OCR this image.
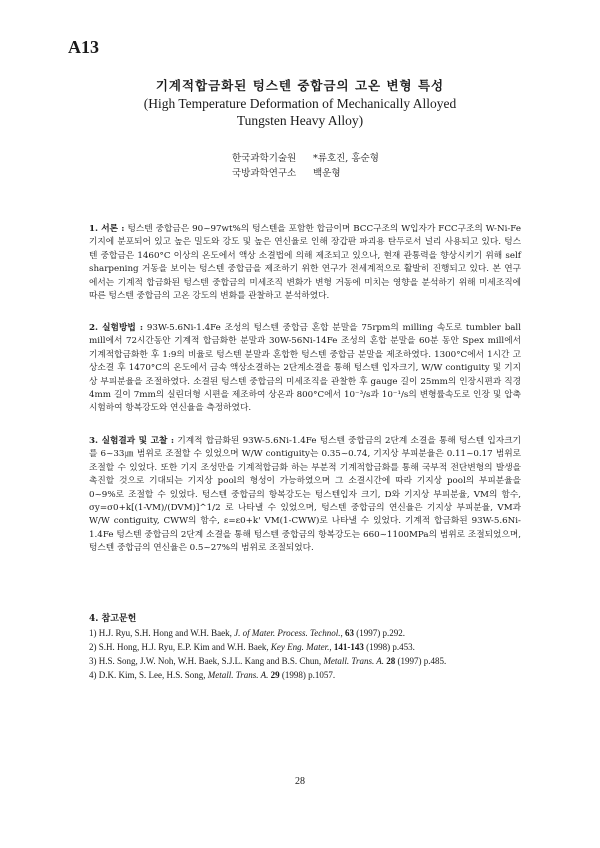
A13
기계적합금화된 텅스텐 중합금의 고온 변형 특성
(High Temperature Deformation of Mechanically Alloyed
Tungsten Heavy Alloy)
한국과학기술원 *류호진, 홍순형
국방과학연구소 백운형
1. 서론 : 텅스텐 중합금은 90~97wt%의 텅스텐을 포함한 합금이며 BCC구조의 W입자가 FCC구조의 W-Ni-Fe 기지에 분포되어 있고 높은 밀도와 강도 및 높은 연신율로 인해 장갑판 파괴용 탄두로서 널리 사용되고 있다. 텅스텐 중합금은 1460°C 이상의 온도에서 액상 소결법에 의해 제조되고 있으나, 현재 관통력을 향상시키기 위해 self sharpening 거동을 보이는 텅스텐 중합금을 제조하기 위한 연구가 전세계적으로 활발히 진행되고 있다. 본 연구에서는 기계적 합금화된 텅스텐 중합금의 미세조직 변화가 변형 거동에 미치는 영향을 분석하기 위해 미세조직에 따른 텅스텐 중합금의 고온 강도의 변화를 관찰하고 분석하였다.
2. 실험방법 : 93W-5.6Ni-1.4Fe 조성의 텅스텐 중합금 혼합 분말을 75rpm의 milling 속도로 tumbler ball mill에서 72시간동안 기계적 합금화한 분말과 30W-56Ni-14Fe 조성의 혼합 분말을 60분 동안 Spex mill에서 기계적합금화한 후 1:9의 비율로 텅스텐 분말과 혼합한 텅스텐 중합금 분말을 제조하였다. 1300°C에서 1시간 고상소결 후 1470°C의 온도에서 금속 액상소결하는 2단계소결을 통해 텅스텐 입자크기, W/W contiguity 및 기지상 부피분율을 조절하였다. 소결된 텅스텐 중합금의 미세조직을 관찰한 후 gauge 길이 25mm의 인장시편과 직경 4mm 길이 7mm의 실린더형 시편을 제조하여 상온과 800°C에서 10⁻³/s과 10⁻¹/s의 변형률속도로 인장 및 압축시험하여 항복강도와 연신율을 측정하였다.
3. 실험결과 및 고찰 : 기계적 합금화된 93W-5.6Ni-1.4Fe 텅스텐 중합금의 2단계 소결을 통해 텅스텐 입자크기를 6~33㎛ 범위로 조절할 수 있었으며 W/W contiguity는 0.35~0.74, 기지상 부피분율은 0.11~0.17 범위로 조절할 수 있었다. 또한 기지 조성만을 기계적합금화 하는 부분적 기계적합금화를 통해 국부적 전단변형의 발생을 촉진할 것으로 기대되는 기지상 pool의 형성이 가능하였으며 그 소결시간에 따라 기지상 pool의 부피분율을 0~9%로 조절할 수 있었다. 텅스텐 중합금의 항복강도는 텅스텐입자 크기, D와 기지상 부피분율, VM의 함수, σy=σ0+k[(1-VM)/(DVM)]^1/2 로 나타낼 수 있었으며, 텅스텐 중합금의 연신율은 기지상 부피분율, VM과 W/W contiguity, CWW의 함수, ε=ε0+k' VM(1-CWW)로 나타낼 수 있었다. 기계적 합금화된 93W-5.6Ni-1.4Fe 텅스텐 중합금의 2단계 소결을 통해 텅스텐 중합금의 항복강도는 660~1100MPa의 범위로 조절되었으며, 텅스텐 중합금의 연신율은 0.5~27%의 범위로 조절되었다.
4. 참고문헌
1) H.J. Ryu, S.H. Hong and W.H. Baek, J. of Mater. Process. Technol., 63 (1997) p.292.
2) S.H. Hong, H.J. Ryu, E.P. Kim and W.H. Baek, Key Eng. Mater., 141-143 (1998) p.453.
3) H.S. Song, J.W. Noh, W.H. Baek, S.J.L. Kang and B.S. Chun, Metall. Trans. A. 28 (1997) p.485.
4) D.K. Kim, S. Lee, H.S. Song, Metall. Trans. A. 29 (1998) p.1057.
28
